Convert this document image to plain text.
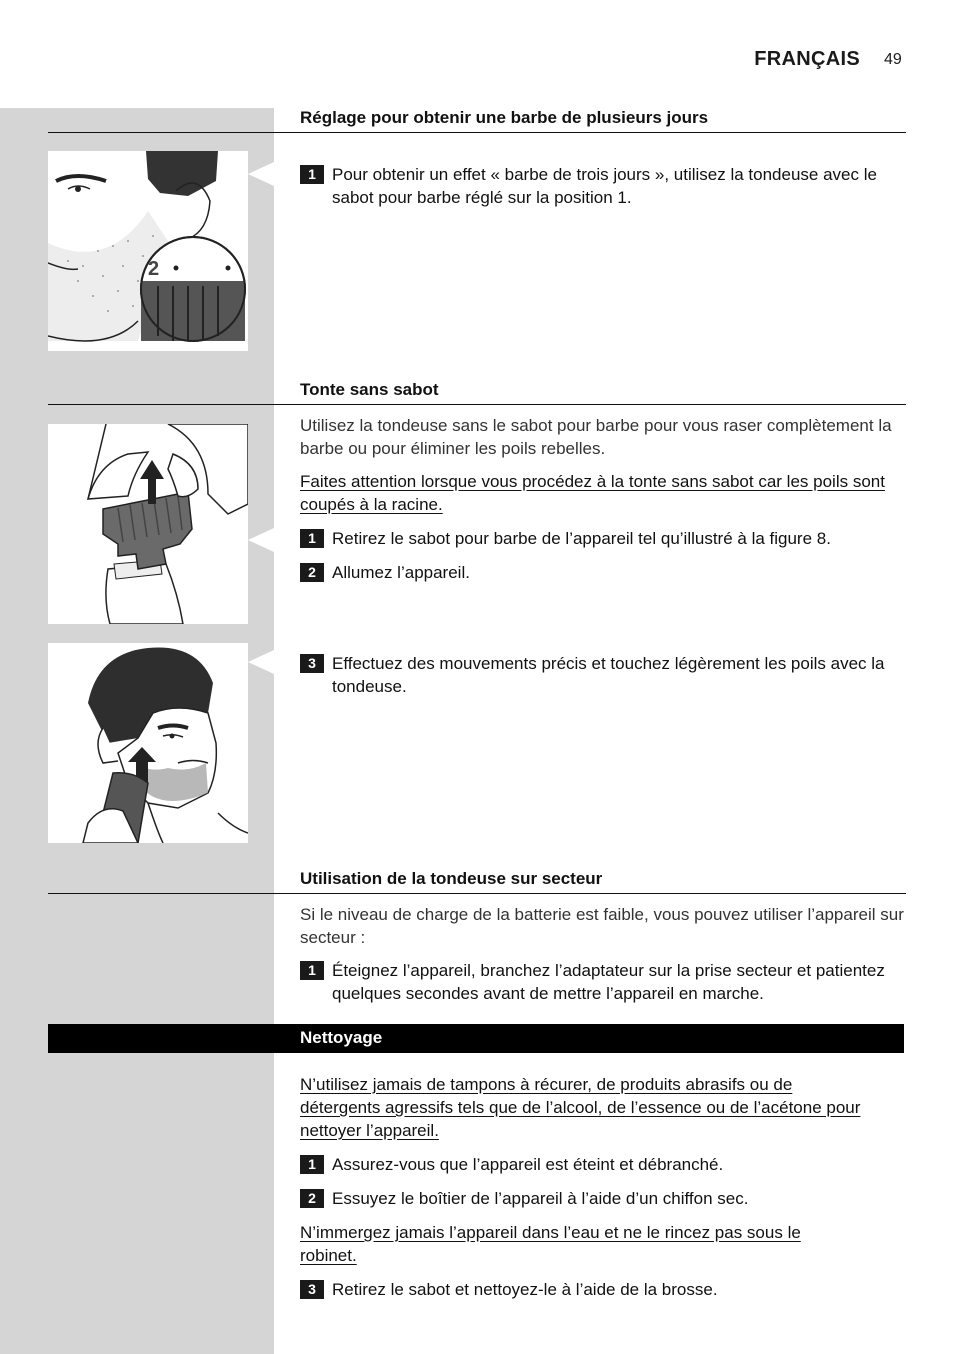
FRANÇAIS 49
Réglage pour obtenir une barbe de plusieurs jours
2 1
1 Pour obtenir un effet « barbe de trois jours », utilisez la tondeuse avec le sabot pour barbe réglé sur la position 1.
Tonte sans sabot

Utilisez la tondeuse sans le sabot pour barbe pour vous raser complètement la barbe ou pour éliminer les poils rebelles.

Faites attention lorsque vous procédez à la tonte sans sabot car les poils sont coupés à la racine.

1 Retirez le sabot pour barbe de l’appareil tel qu’illustré à la figure 8.
2 Allumez l’appareil.
3 Effectuez des mouvements précis et touchez légèrement les poils avec la tondeuse.
Utilisation de la tondeuse sur secteur

Si le niveau de charge de la batterie est faible, vous pouvez utiliser l’appareil sur secteur :

1 Éteignez l’appareil, branchez l’adaptateur sur la prise secteur et patientez quelques secondes avant de mettre l’appareil en marche.
Nettoyage

N’utilisez jamais de tampons à récurer, de produits abrasifs ou de détergents agressifs tels que de l’alcool, de l’essence ou de l’acétone pour nettoyer l’appareil.

1 Assurez-vous que l’appareil est éteint et débranché.
2 Essuyez le boîtier de l’appareil à l’aide d’un chiffon sec.

N’immergez jamais l’appareil dans l’eau et ne le rincez pas sous le robinet.

3 Retirez le sabot et nettoyez-le à l’aide de la brosse.
